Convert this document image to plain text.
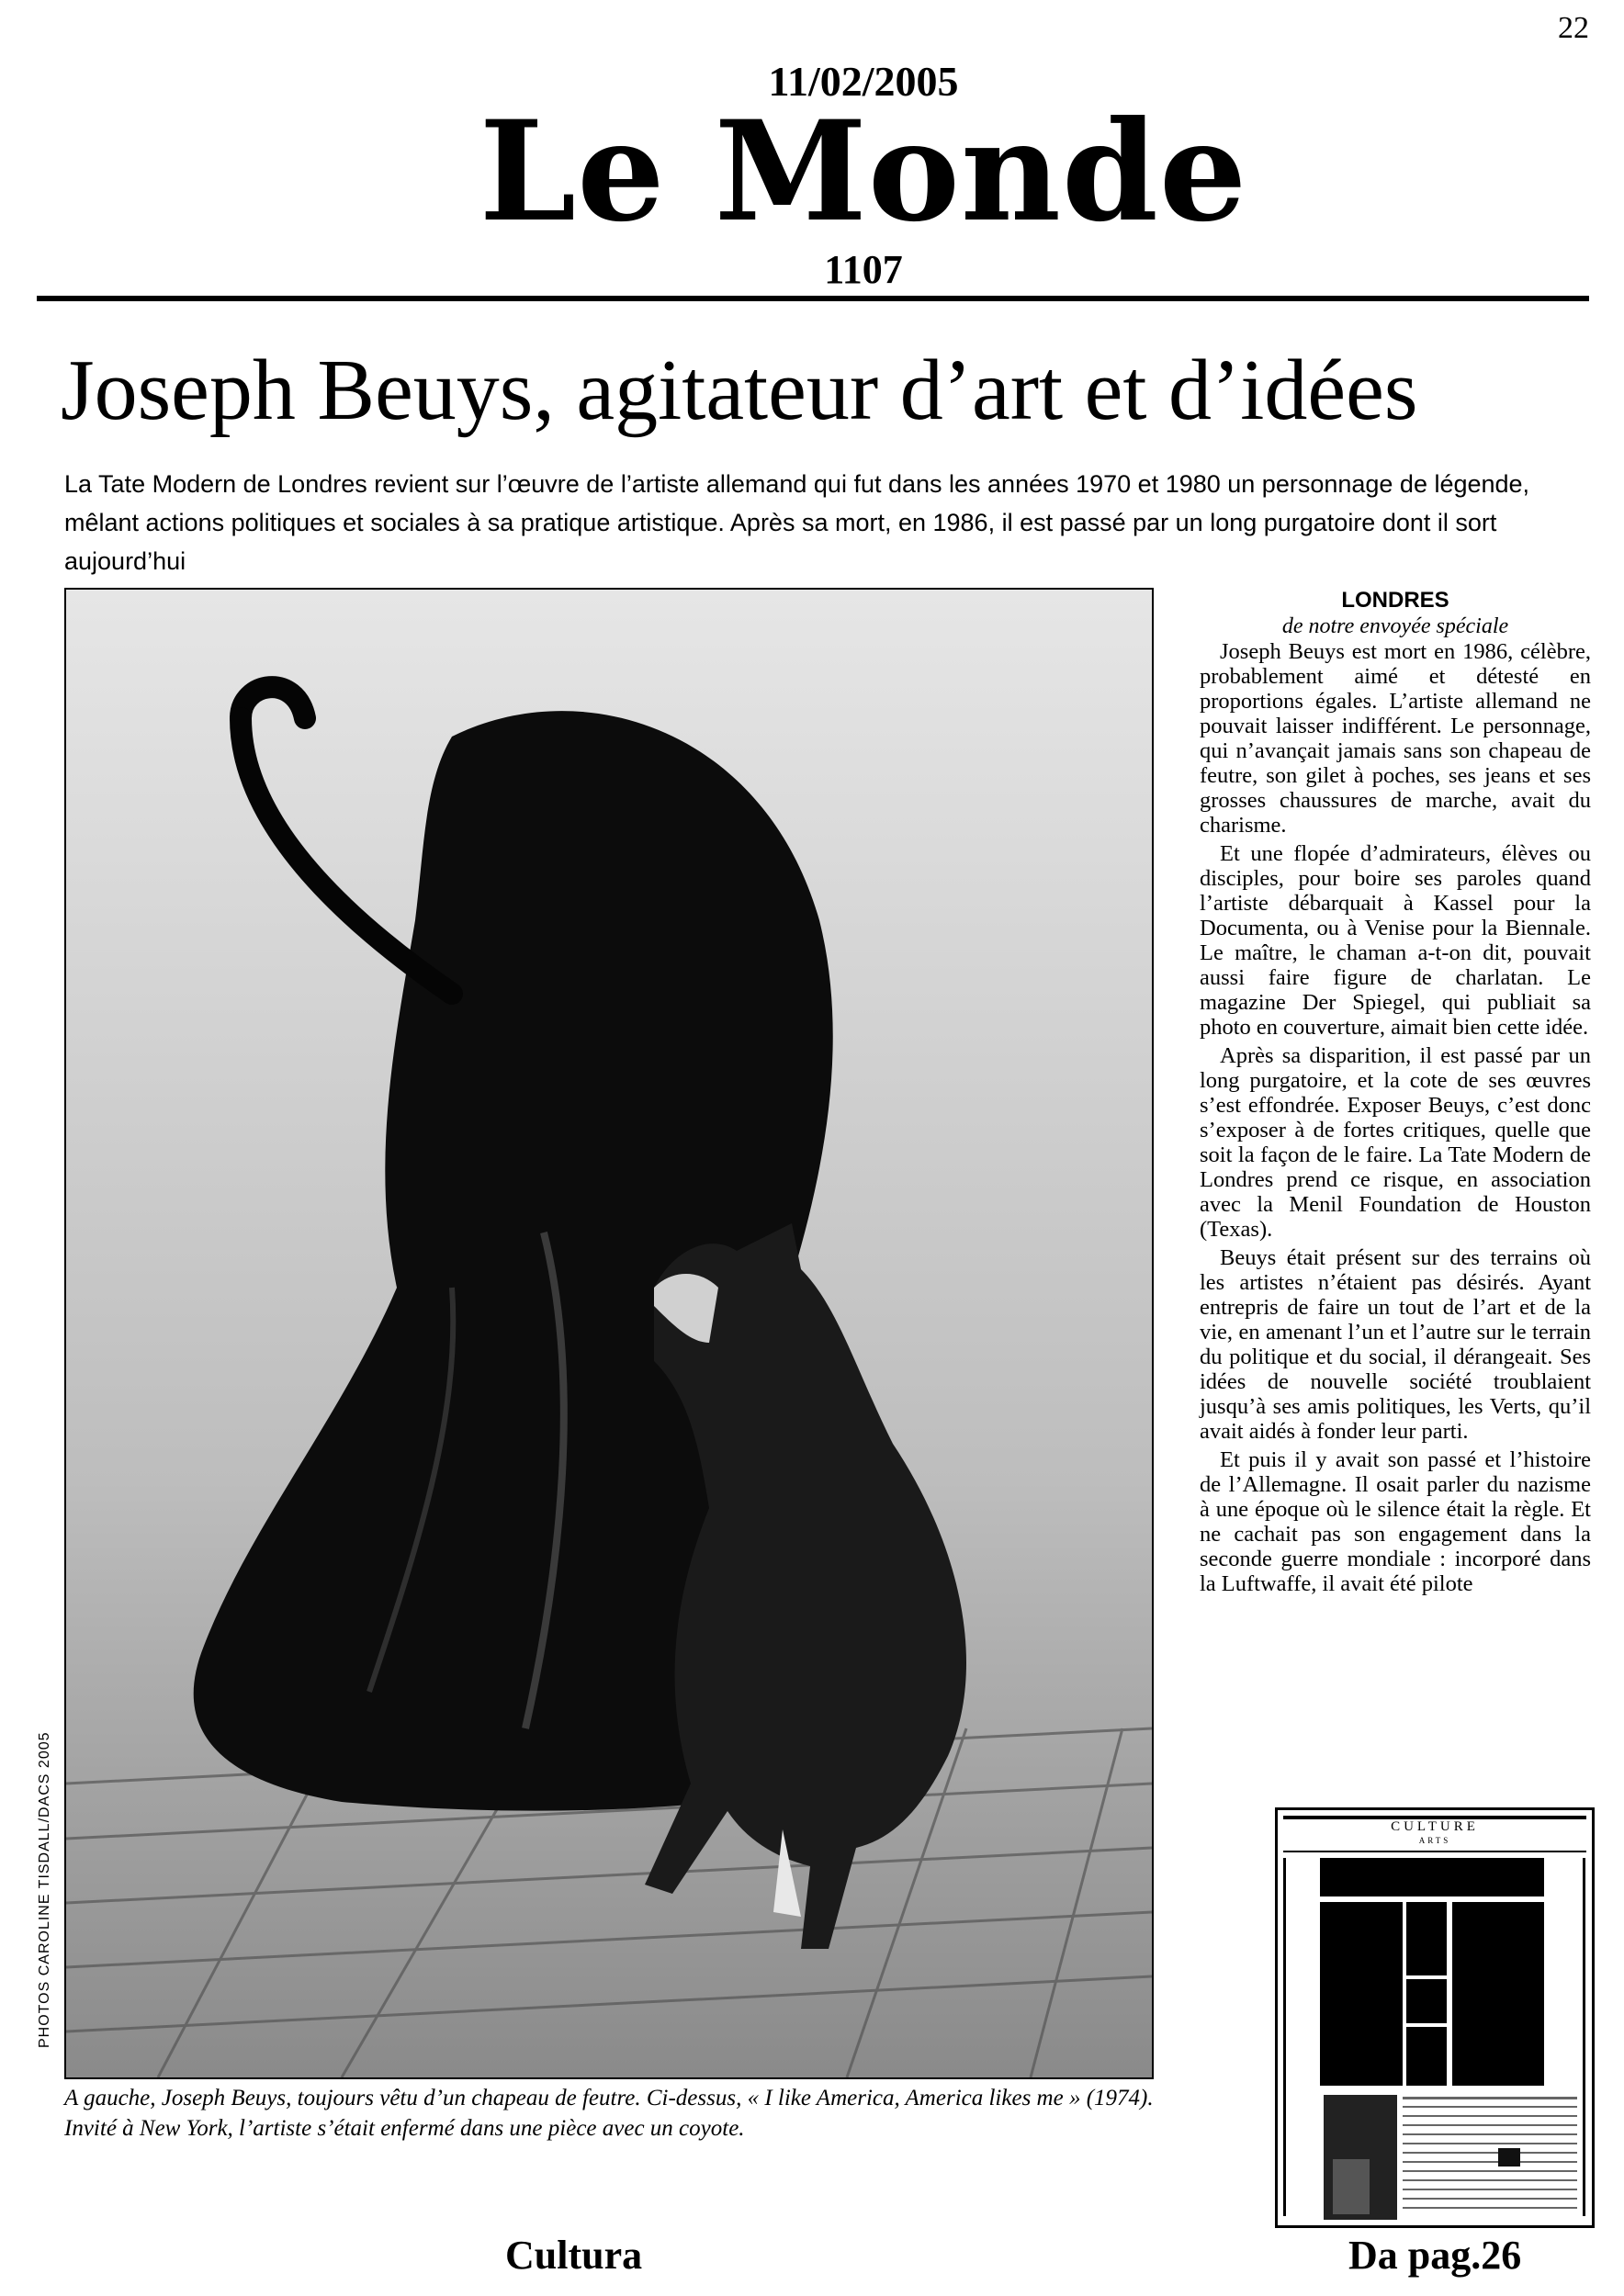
22
11/02/2005
Le Monde
1107
Joseph Beuys, agitateur d’art et d’idées
La Tate Modern de Londres revient sur l’œuvre de l’artiste allemand qui fut dans les années 1970 et 1980 un personnage de légende, mêlant actions politiques et sociales à sa pratique artistique. Après sa mort, en 1986, il est passé par un long purgatoire dont il sort aujourd’hui
PHOTOS CAROLINE TISDALL/DACS 2005
A gauche, Joseph Beuys, toujours vêtu d’un chapeau de feutre. Ci-dessus, « I like America, America likes me » (1974). Invité à New York, l’artiste s’était enfermé dans une pièce avec un coyote.
LONDRES
de notre envoyée spéciale

Joseph Beuys est mort en 1986, célèbre, probablement aimé et détesté en proportions égales. L’artiste allemand ne pouvait laisser indifférent. Le personnage, qui n’avançait jamais sans son chapeau de feutre, son gilet à poches, ses jeans et ses grosses chaussures de marche, avait du charisme.

Et une flopée d’admirateurs, élèves ou disciples, pour boire ses paroles quand l’artiste débarquait à Kassel pour la Documenta, ou à Venise pour la Biennale. Le maître, le chaman a-t-on dit, pouvait aussi faire figure de charlatan. Le magazine Der Spiegel, qui publiait sa photo en couverture, aimait bien cette idée.

Après sa disparition, il est passé par un long purgatoire, et la cote de ses œuvres s’est effondrée. Exposer Beuys, c’est donc s’exposer à de fortes critiques, quelle que soit la façon de le faire. La Tate Modern de Londres prend ce risque, en association avec la Menil Foundation de Houston (Texas).

Beuys était présent sur des terrains où les artistes n’étaient pas désirés. Ayant entrepris de faire un tout de l’art et de la vie, en amenant l’un et l’autre sur le terrain du politique et du social, il dérangeait. Ses idées de nouvelle société troublaient jusqu’à ses amis politiques, les Verts, qu’il avait aidés à fonder leur parti.

Et puis il y avait son passé et l’histoire de l’Allemagne. Il osait parler du nazisme à une époque où le silence était la règle. Et ne cachait pas son engagement dans la seconde guerre mondiale : incorporé dans la Luftwaffe, il avait été pilote

CULTURE
ARTS
Cultura	Da pag.26
